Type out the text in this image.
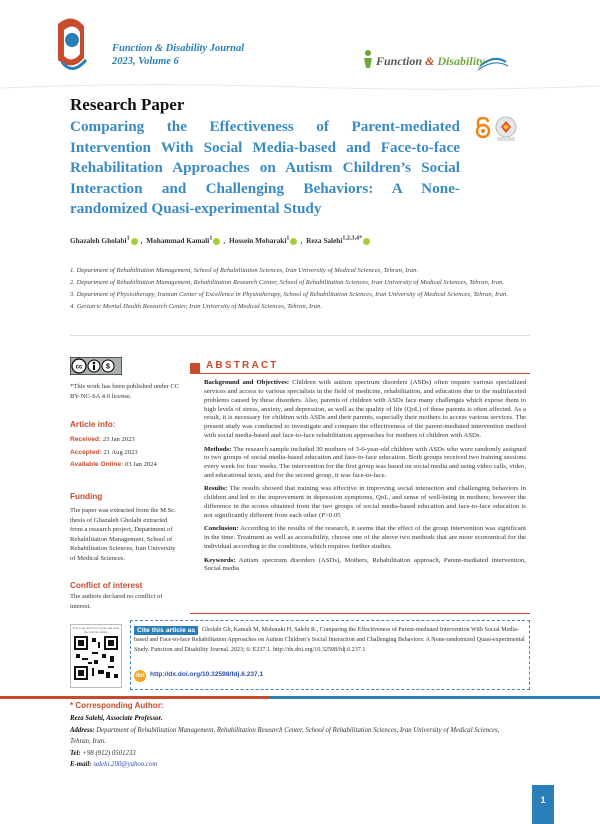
Function & Disability Journal
2023, Volume 6	Function & Disability
Research Paper
Comparing the Effectiveness of Parent-mediated Intervention With Social Media-based and Face-to-face Rehabilitation Approaches on Autism Children’s Social Interaction and Challenging Behaviors: A None-randomized Quasi-experimental Study
Ghazaleh Gholabi$^1$ , Mohammad Kamali$^1$ , Hossein Mobaraki$^1$ , Reza Salehi$^{1,2,3,4*}$
1. Department of Rehabilitation Management, School of Rehabilitation Sciences, Iran University of Medical Sciences, Tehran, Iran.
2. Department of Rehabilitation Management, Rehabilitation Research Center, School of Rehabilitation Sciences, Iran University of Medical Sciences, Tehran, Iran.
3. Department of Physiotherapy, Iranian Center of Excellence in Physiotherapy, School of Rehabilitation Sciences, Iran University of Medical Sciences, Tehran, Iran.
4. Geriatric Mental Health Research Center, Iran University of Medical Sciences, Tehran, Iran.
cc	$
*This work has been published under CC BY-NC-SA 4.0 license.
Article info:
Received: 23 Jan 2023
Accepted: 21 Aug 2023
Available Online: 03 Jan 2024
Funding
The paper was extracted from the M.Sc. thesis of Ghazaleh Gholabi extracted from a research project, Department of Rehabilitation Management, School of Rehabilitation Sciences, Iran University of Medical Sciences.
Conflict of interest
The authors declared no conflict of interest.
ABSTRACT

Background and Objectives: Children with autism spectrum disorders (ASDs) often require various specialized services and access to various specialists in the field of medicine, rehabilitation, and education due to the multifaceted problems caused by these disorders. Also, parents of children with ASDs face many challenges which expose them to high levels of stress, anxiety, and depression, as well as the quality of life (QoL) of these parents is often affected. As a result, it is necessary for children with ASDs and their parents, especially their mothers to access various services. The present study was conducted to investigate and compare the effectiveness of the parent-mediated intervention method with social media-based and face-to-face rehabilitation approaches for mothers of children with ASDs.

Methods: The research sample included 30 mothers of 3-6-year-old children with ASDs who were randomly assigned to two groups of social media-based education and face-to-face education. Both groups received two training sessions every week for four weeks. The intervention for the first group was based on social media and using video calls, video, and educational texts, and for the second group, it was face-to-face.

Results: The results showed that training was effective in improving social interaction and challenging behaviors in children and led to the improvement in depression symptoms, QoL, and sense of well-being in mothers; however the difference in the scores obtained from the two groups of social media-based education and face-to-face education is not significantly different from each other (P>0.05

Conclusion: According to the results of the research, it seems that the effect of the group intervention was significant in the time. Treatment as well as accessibility, choose one of the above two methods that are more economical for the individual according to the conditions, which requires further studies.

Keywords: Autism spectrum disorders (ASDs), Mothers, Rehabilitation approach, Parent-mediated intervention, Social media

Use your device to scan and read the article online	Gholabi Gh, Kamali M, Mobaraki H, Salehi R., Comparing the Effectiveness of Parent-mediated Intervention With Social Media-based and Face-to-face Rehabilitation Approaches on Autism Children’s Social Interaction and Challenging Behaviors: A None-randomized Quasi-experimental Study. Function and Disability Journal. 2023; 6: E237.1. http://dx.doi.org/10.32598/fdj.6.237.1
Cite this article as
doi http://dx.doi.org/10.32598/fdj.6.237.1
* Corresponding Author:
Reza Salehi, Associate Professor.
Address: Department of Rehabilitation Management, Rehabilitation Research Center, School of Rehabilitation Sciences, Iran University of Medical Sciences, Tehran, Iran.
Tel: +98 (912) 0501233
E-mail: salehi.200@yahoo.com
1
